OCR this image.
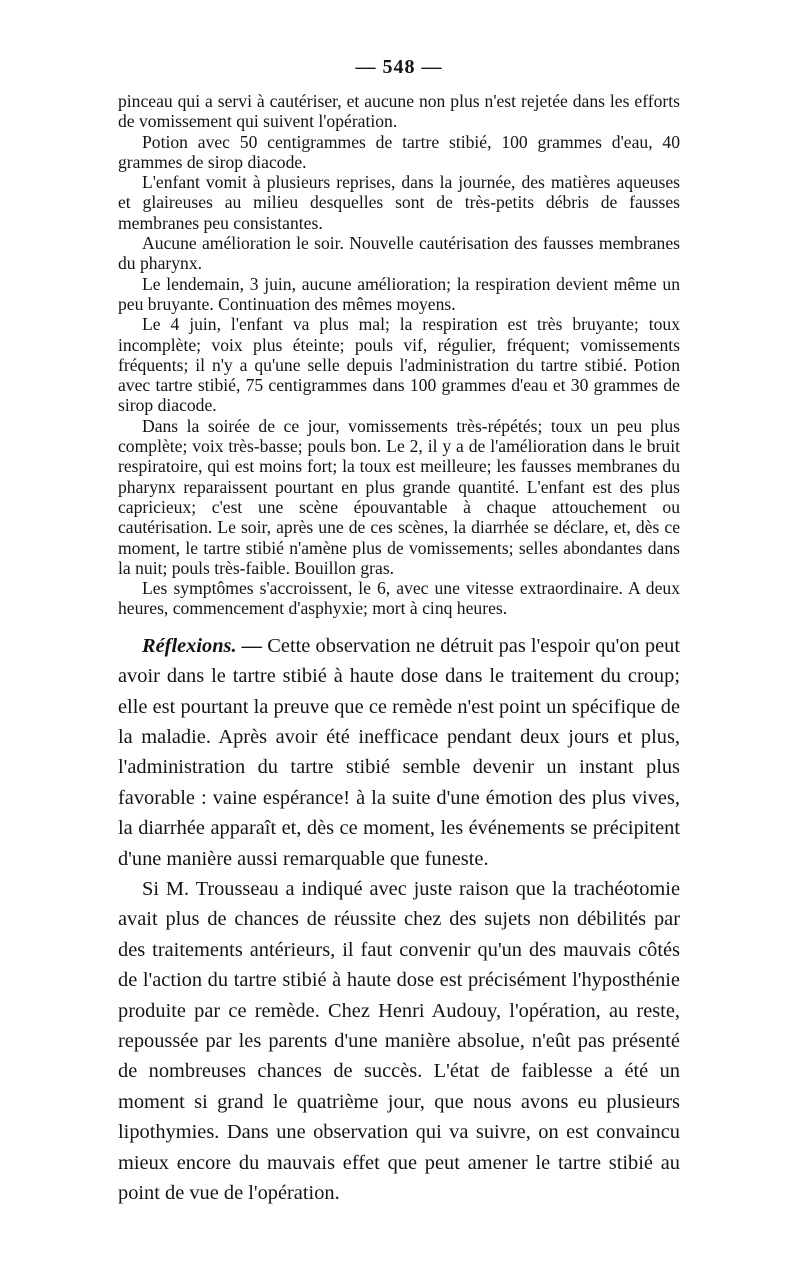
— 548 —

pinceau qui a servi à cautériser, et aucune non plus n'est rejetée dans les efforts de vomissement qui suivent l'opération.

Potion avec 50 centigrammes de tartre stibié, 100 grammes d'eau, 40 grammes de sirop diacode.

L'enfant vomit à plusieurs reprises, dans la journée, des matières aqueuses et glaireuses au milieu desquelles sont de très-petits débris de fausses membranes peu consistantes.

Aucune amélioration le soir. Nouvelle cautérisation des fausses membranes du pharynx.

Le lendemain, 3 juin, aucune amélioration; la respiration devient même un peu bruyante. Continuation des mêmes moyens.

Le 4 juin, l'enfant va plus mal; la respiration est très bruyante; toux incomplète; voix plus éteinte; pouls vif, régulier, fréquent; vomissements fréquents; il n'y a qu'une selle depuis l'administration du tartre stibié. Potion avec tartre stibié, 75 centigrammes dans 100 grammes d'eau et 30 grammes de sirop diacode.

Dans la soirée de ce jour, vomissements très-répétés; toux un peu plus complète; voix très-basse; pouls bon. Le 2, il y a de l'amélioration dans le bruit respiratoire, qui est moins fort; la toux est meilleure; les fausses membranes du pharynx reparaissent pourtant en plus grande quantité. L'enfant est des plus capricieux; c'est une scène épouvantable à chaque attouchement ou cautérisation. Le soir, après une de ces scènes, la diarrhée se déclare, et, dès ce moment, le tartre stibié n'amène plus de vomissements; selles abondantes dans la nuit; pouls très-faible. Bouillon gras.

Les symptômes s'accroissent, le 6, avec une vitesse extraordinaire. A deux heures, commencement d'asphyxie; mort à cinq heures.

Réflexions. — Cette observation ne détruit pas l'espoir qu'on peut avoir dans le tartre stibié à haute dose dans le traitement du croup; elle est pourtant la preuve que ce remède n'est point un spécifique de la maladie. Après avoir été inefficace pendant deux jours et plus, l'administration du tartre stibié semble devenir un instant plus favorable : vaine espérance! à la suite d'une émotion des plus vives, la diarrhée apparaît et, dès ce moment, les événements se précipitent d'une manière aussi remarquable que funeste.

Si M. Trousseau a indiqué avec juste raison que la trachéotomie avait plus de chances de réussite chez des sujets non débilités par des traitements antérieurs, il faut convenir qu'un des mauvais côtés de l'action du tartre stibié à haute dose est précisément l'hyposthénie produite par ce remède. Chez Henri Audouy, l'opération, au reste, repoussée par les parents d'une manière absolue, n'eût pas présenté de nombreuses chances de succès. L'état de faiblesse a été un moment si grand le quatrième jour, que nous avons eu plusieurs lipothymies. Dans une observation qui va suivre, on est convaincu mieux encore du mauvais effet que peut amener le tartre stibié au point de vue de l'opération.
